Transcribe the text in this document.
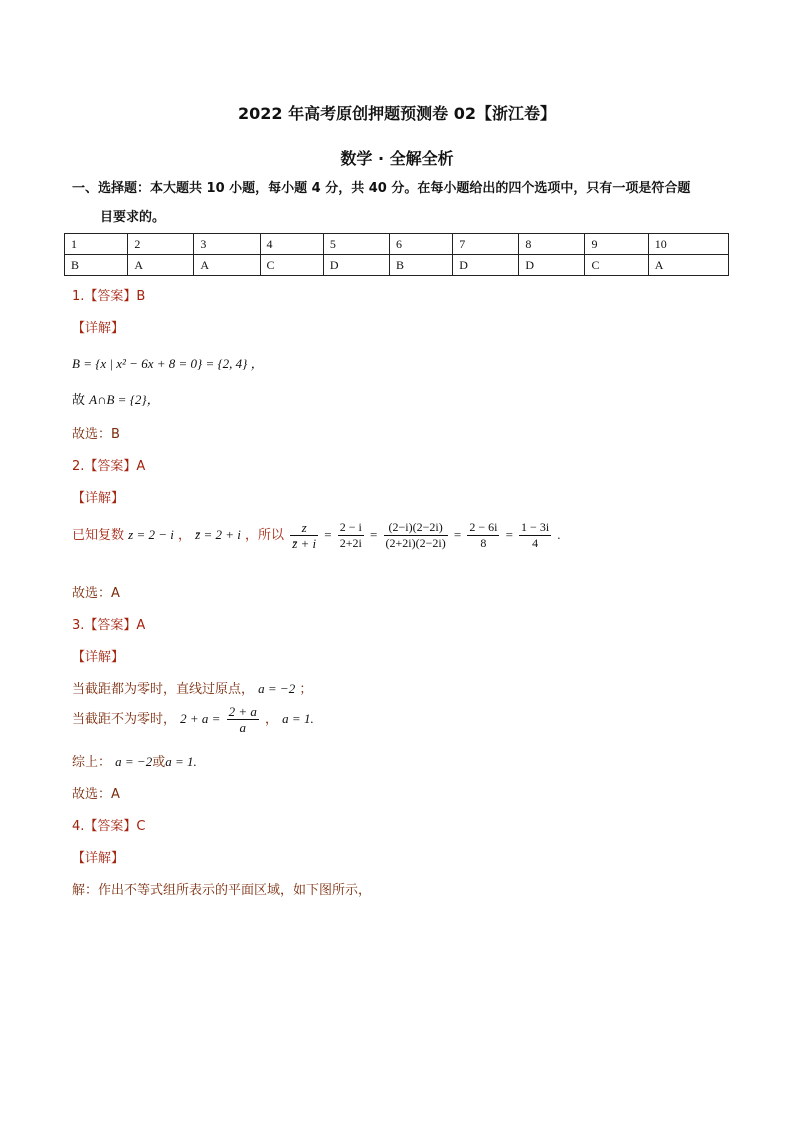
2022 年高考原创押题预测卷 02【浙江卷】
数学 · 全解全析
一、选择题：本大题共 10 小题，每小题 4 分，共 40 分。在每小题给出的四个选项中，只有一项是符合题
目要求的。
1	2	3	4	5	6	7	8	9	10
B	A	A	C	D	B	D	D	C	A
1.【答案】B
【详解】
B = {x | x² − 6x + 8 = 0} = {2, 4} ，
故 A∩B = {2}，
故选：B
2.【答案】A
【详解】
已知复数 z = 2 − i ， z̄ = 2 + i ，所以 $\frac{z}{z̄ + i} = \frac{2 - i}{2+2i} = \frac{(2-i)(2-2i)}{(2+2i)(2-2i)} = \frac{2 - 6i}{8} = \frac{1 - 3i}{4}$ .
故选：A
3.【答案】A
【详解】
当截距都为零时，直线过原点， a = −2 ；
当截距不为零时， $2 + a = \frac{2 + a}{a}$ ， a = 1.
综上： a = −2或a = 1.
故选：A
4.【答案】C
【详解】
解：作出不等式组所表示的平面区域，如下图所示，
